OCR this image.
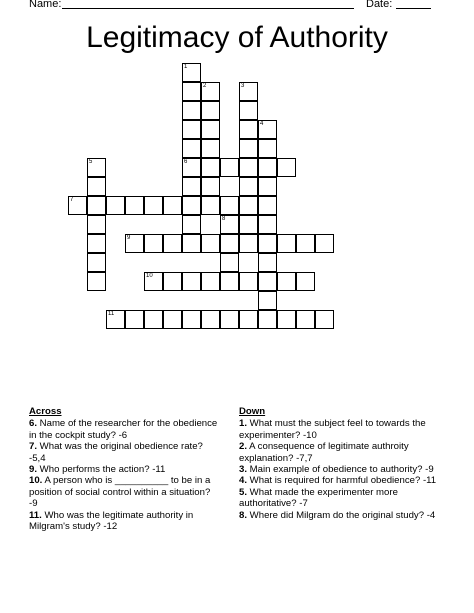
Name:	Date:
Legitimacy of Authority
1
6
2	3
4
5
7
8
9
10
11
Across
6. Name of the researcher for the obedience in the cockpit study? -6
7. What was the original obedience rate? -5,4
9. Who performs the action? -11
10. A person who is __________ to be in a position of social control within a situation? -9
11. Who was the legitimate authority in Milgram's study? -12
Down
1. What must the subject feel to towards the experimenter? -10
2. A consequence of legitimate authroity explanation? -7,7
3. Main example of obedience to authority? -9
4. What is required for harmful obedience? -11
5. What made the experimenter more authoritative? -7
8. Where did Milgram do the original study? -4
